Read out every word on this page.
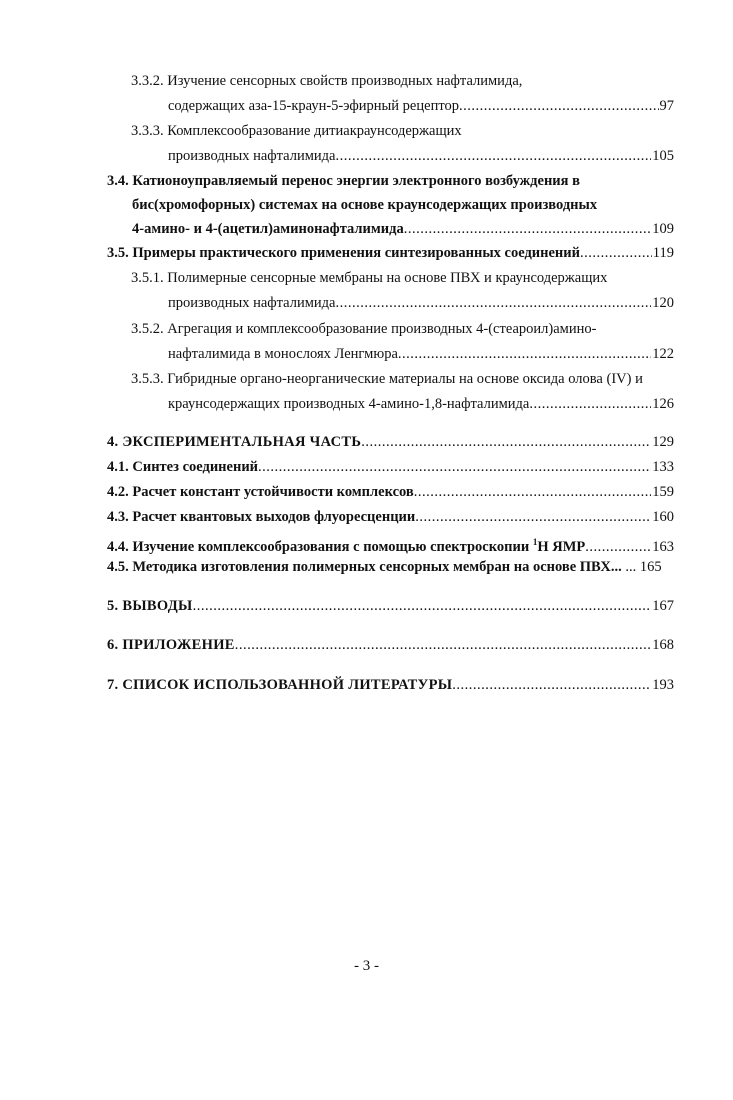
3.3.2. Изучение сенсорных свойств производных нафталимида,
содержащих аза-15-краун-5-эфирный рецептор .....	97
3.3.3. Комплексообразование дитиакраунсодержащих
производных нафталимида .....	105
3.4. Катионоуправляемый перенос энергии электронного возбуждения в
бис(хромофорных) системах на основе краунсодержащих производных
4-амино- и 4-(ацетил)аминонафталимида .....	109
3.5. Примеры практического применения синтезированных соединений .....	119
3.5.1. Полимерные сенсорные мембраны на основе ПВХ и краунсодержащих
производных нафталимида .....	120
3.5.2. Агрегация и комплексообразование производных 4-(стеароил)амино-
нафталимида в монослоях Ленгмюра .....	122
3.5.3. Гибридные органо-неорганические материалы на основе оксида олова (IV) и
краунсодержащих производных 4-амино-1,8-нафталимида .....	126
4. ЭКСПЕРИМЕНТАЛЬНАЯ ЧАСТЬ .....	129
4.1. Синтез соединений .....	133
4.2. Расчет констант устойчивости комплексов .....	159
4.3. Расчет квантовых выходов флуоресценции .....	160
4.4. Изучение комплексообразования с помощью спектроскопии $^1$Н ЯМР .....	163
4.5. Методика изготовления полимерных сенсорных мембран на основе ПВХ... ... 165
5. ВЫВОДЫ .....	167
6. ПРИЛОЖЕНИЕ .....	168
7. СПИСОК ИСПОЛЬЗОВАННОЙ ЛИТЕРАТУРЫ .....	193
- 3 -
